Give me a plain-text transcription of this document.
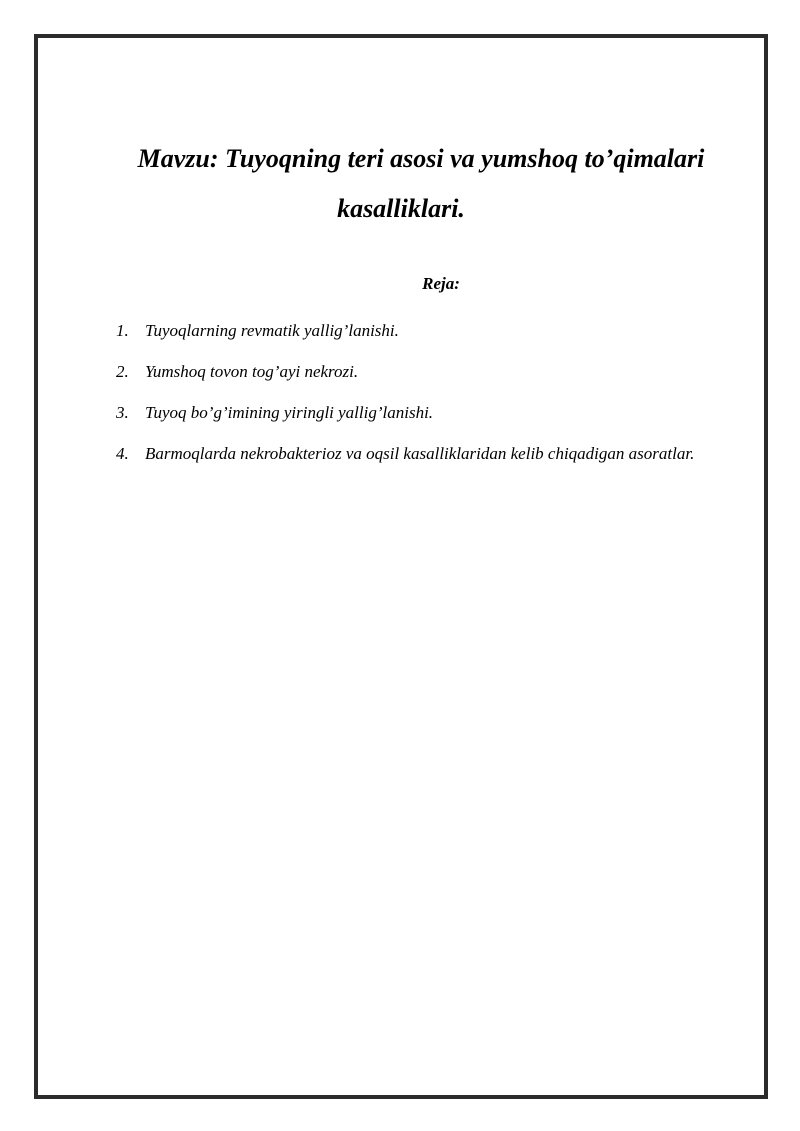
Mavzu: Tuyoqning teri asosi va yumshoq to’qimalari
kasalliklari.
Reja:
1. Tuyoqlarning revmatik yallig’lanishi.
2. Yumshoq tovon tog’ayi nekrozi.
3. Tuyoq bo’g’imining yiringli yallig’lanishi.
4. Barmoqlarda nekrobakterioz va oqsil kasalliklaridan kelib chiqadigan asoratlar.
